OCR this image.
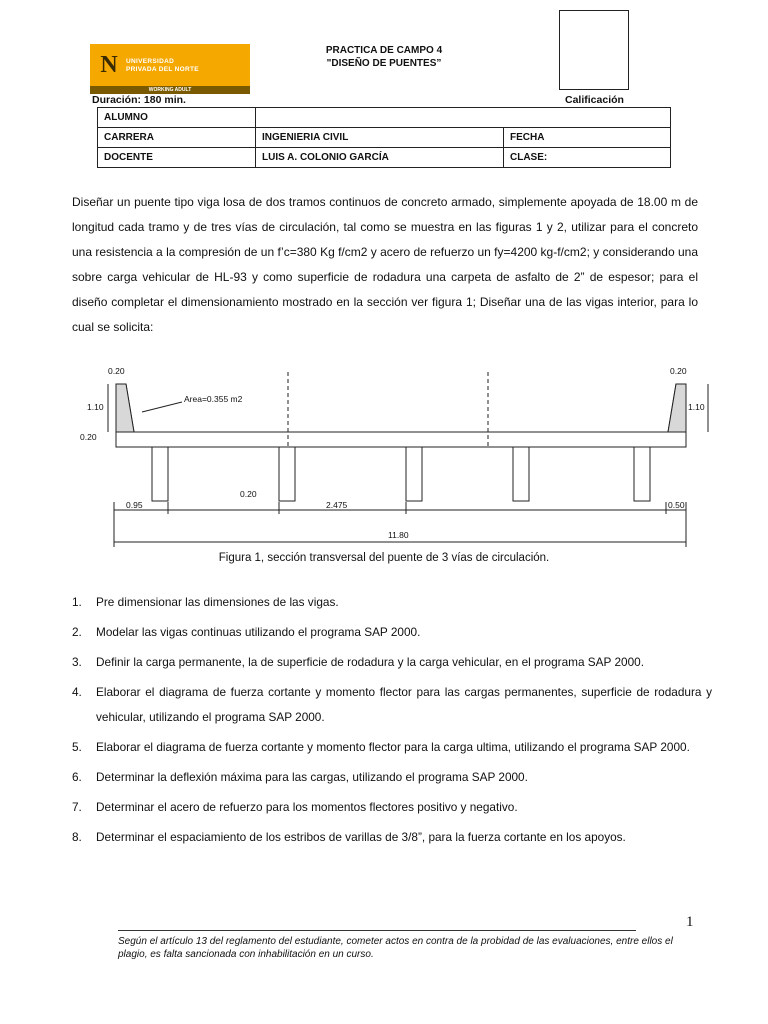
N	UNIVERSIDAD
PRIVADA DEL NORTE
WORKING ADULT
PRACTICA DE CAMPO 4
"DISEÑO DE PUENTES”
Duración: 180 min.	Calificación
ALUMNO		
CARRERA	INGENIERIA CIVIL	FECHA
DOCENTE	LUIS A. COLONIO GARCÍA	CLASE:

Diseñar un puente tipo viga losa de dos tramos continuos de concreto armado, simplemente apoyada de 18.00 m de longitud cada tramo y de tres vías de circulación, tal como se muestra en las figuras 1 y 2, utilizar para el concreto una resistencia a la compresión de un f’c=380 Kg f/cm2 y acero de refuerzo un fy=4200 kg-f/cm2; y considerando una sobre carga vehicular de HL-93 y como superficie de rodadura una carpeta de asfalto de 2” de espesor; para el diseño completar el dimensionamiento mostrado en la sección ver figura 1; Diseñar una de las vigas interior, para lo cual se solicita:

0.20	0.20
1.10	1.10
0.20
Area=0.355 m2
0.20
0.95	2.475	0.50
11.80
Figura 1, sección transversal del puente de 3 vías de circulación.
1. Pre dimensionar las dimensiones de las vigas.
2. Modelar las vigas continuas utilizando el programa SAP 2000.
3. Definir la carga permanente, la de superficie de rodadura y la carga vehicular, en el programa SAP 2000.
4. Elaborar el diagrama de fuerza cortante y momento flector para las cargas permanentes, superficie de rodadura y vehicular, utilizando el programa SAP 2000.
5. Elaborar el diagrama de fuerza cortante y momento flector para la carga ultima, utilizando el programa SAP 2000.
6. Determinar la deflexión máxima para las cargas, utilizando el programa SAP 2000.
7. Determinar el acero de refuerzo para los momentos flectores positivo y negativo.
8. Determinar el espaciamiento de los estribos de varillas de 3/8”, para la fuerza cortante en los apoyos.
1
Según el artículo 13 del reglamento del estudiante, cometer actos en contra de la probidad de las evaluaciones, entre ellos el plagio, es falta sancionada con inhabilitación en un curso.
